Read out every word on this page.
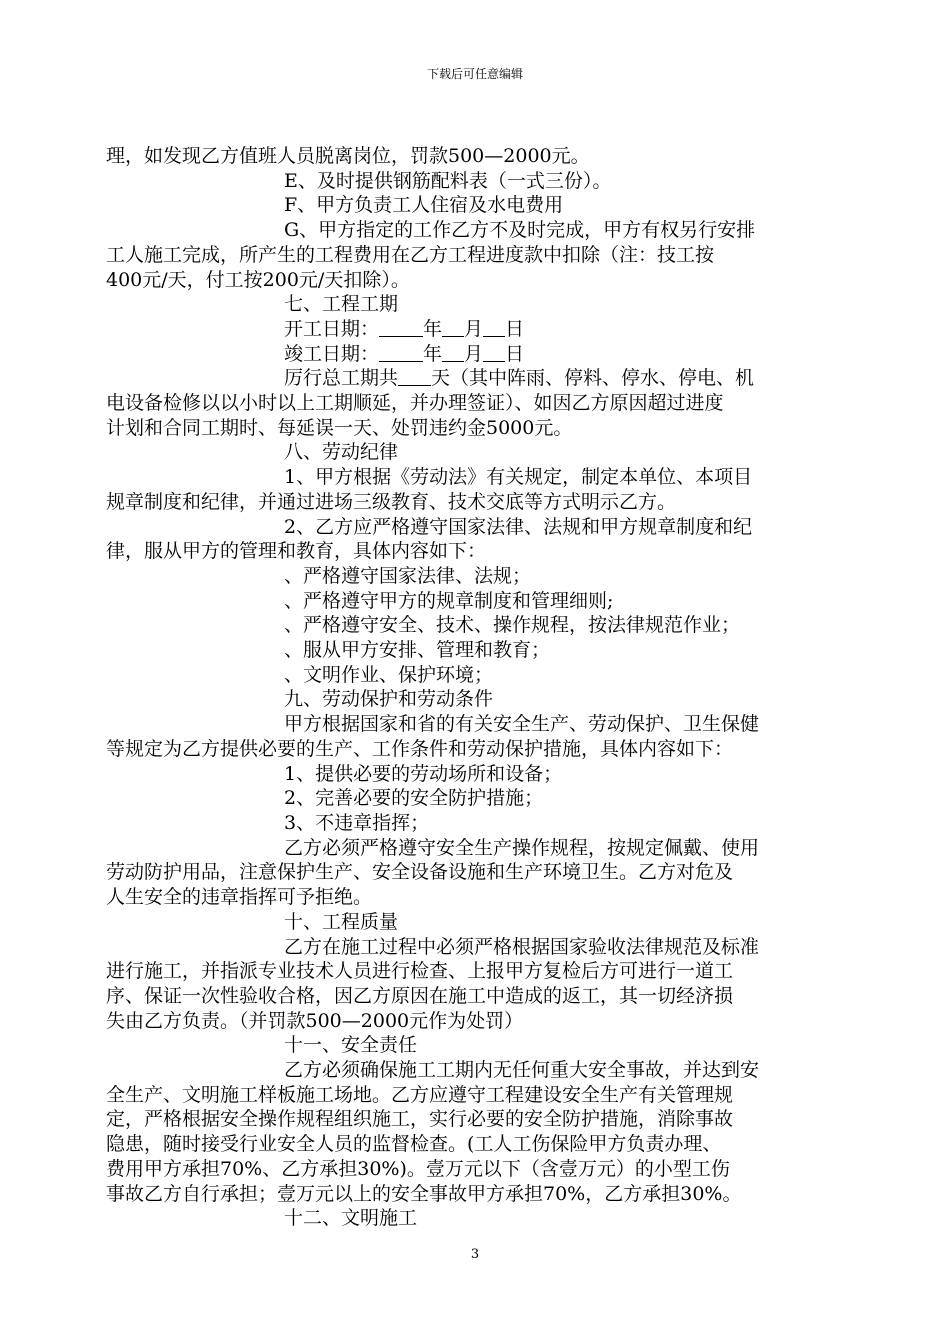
下载后可任意编辑

理，如发现乙方值班人员脱离岗位，罚款500—2000元。

E、及时提供钢筋配料表（一式三份）。

F、甲方负责工人住宿及水电费用

G、甲方指定的工作乙方不及时完成，甲方有权另行安排

工人施工完成，所产生的工程费用在乙方工程进度款中扣除（注：技工按

400元/天，付工按200元/天扣除）。

七、工程工期

开工日期： 年 月 日

竣工日期： 年 月 日

厉行总工期共 天（其中阵雨、停料、停水、停电、机

电设备检修以以小时以上工期顺延，并办理签证）、如因乙方原因超过进度

计划和合同工期时、每延误一天、处罚违约金5000元。

八、劳动纪律

1、甲方根据《劳动法》有关规定，制定本单位、本项目

规章制度和纪律，并通过进场三级教育、技术交底等方式明示乙方。

2、乙方应严格遵守国家法律、法规和甲方规章制度和纪

律，服从甲方的管理和教育，具体内容如下：

、严格遵守国家法律、法规；

、严格遵守甲方的规章制度和管理细则;

、严格遵守安全、技术、操作规程，按法律规范作业；

、服从甲方安排、管理和教育；

、文明作业、保护环境；

九、劳动保护和劳动条件

甲方根据国家和省的有关安全生产、劳动保护、卫生保健

等规定为乙方提供必要的生产、工作条件和劳动保护措施，具体内容如下：

1、提供必要的劳动场所和设备；

2、完善必要的安全防护措施；

3、不违章指挥；

乙方必须严格遵守安全生产操作规程，按规定佩戴、使用

劳动防护用品，注意保护生产、安全设备设施和生产环境卫生。乙方对危及

人生安全的违章指挥可予拒绝。

十、工程质量

乙方在施工过程中必须严格根据国家验收法律规范及标准

进行施工，并指派专业技术人员进行检查、上报甲方复检后方可进行一道工

序、保证一次性验收合格，因乙方原因在施工中造成的返工，其一切经济损

失由乙方负责。（并罚款500—2000元作为处罚）

十一、安全责任

乙方必须确保施工工期内无任何重大安全事故，并达到安

全生产、文明施工样板施工场地。乙方应遵守工程建设安全生产有关管理规

定，严格根据安全操作规程组织施工，实行必要的安全防护措施，消除事故

隐患，随时接受行业安全人员的监督检查。(工人工伤保险甲方负责办理、

费用甲方承担70%、乙方承担30%)。壹万元以下（含壹万元）的小型工伤

事故乙方自行承担；壹万元以上的安全事故甲方承担70%，乙方承担30%。

十二、文明施工

3
